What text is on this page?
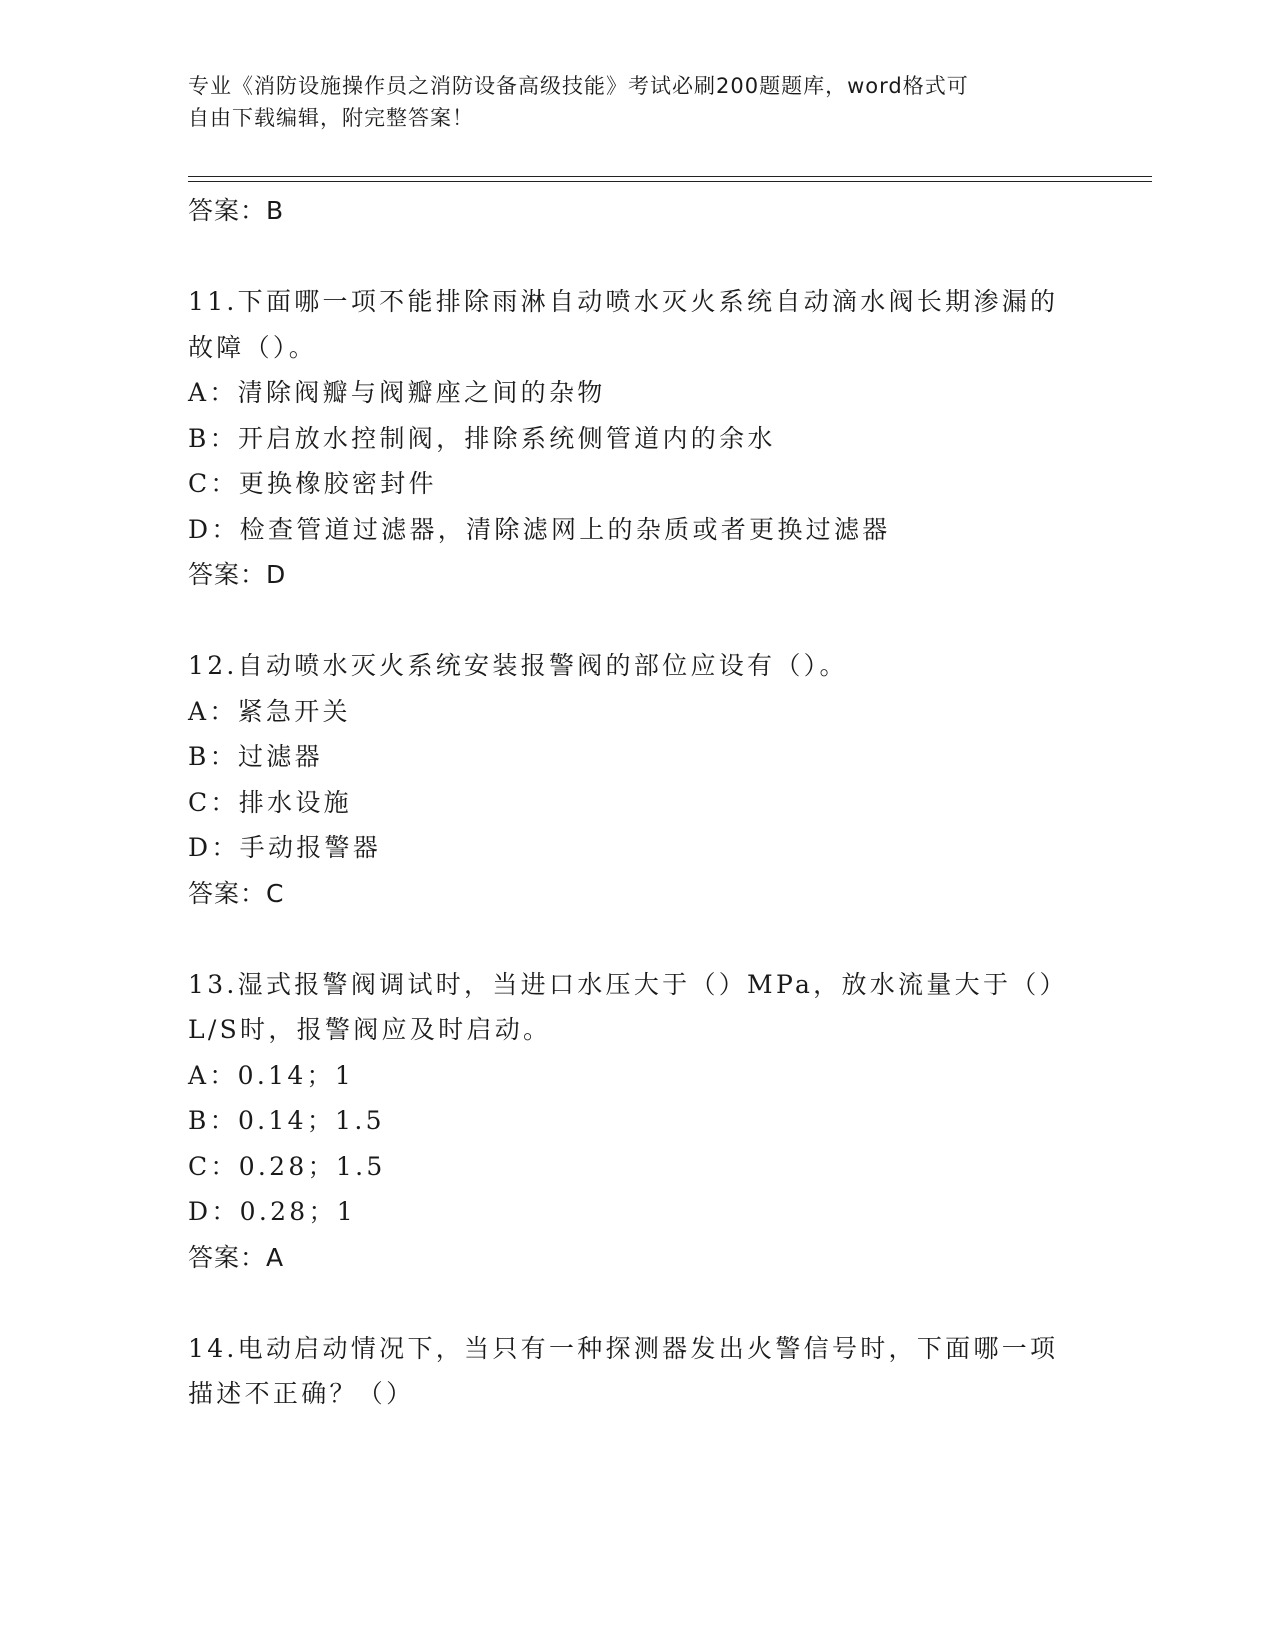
专业《消防设施操作员之消防设备高级技能》考试必刷200题题库，word格式可
自由下载编辑，附完整答案！
答案：B
11.下面哪一项不能排除雨淋自动喷水灭火系统自动滴水阀长期渗漏的
故障（）。
A：清除阀瓣与阀瓣座之间的杂物
B：开启放水控制阀，排除系统侧管道内的余水
C：更换橡胶密封件
D：检查管道过滤器，清除滤网上的杂质或者更换过滤器
答案：D
12.自动喷水灭火系统安装报警阀的部位应设有（）。
A：紧急开关
B：过滤器
C：排水设施
D：手动报警器
答案：C
13.湿式报警阀调试时，当进口水压大于（）MPa，放水流量大于（）
L/S时，报警阀应及时启动。
A：0.14；1
B：0.14；1.5
C：0.28；1.5
D：0.28；1
答案：A
14.电动启动情况下，当只有一种探测器发出火警信号时，下面哪一项
描述不正确？（）
